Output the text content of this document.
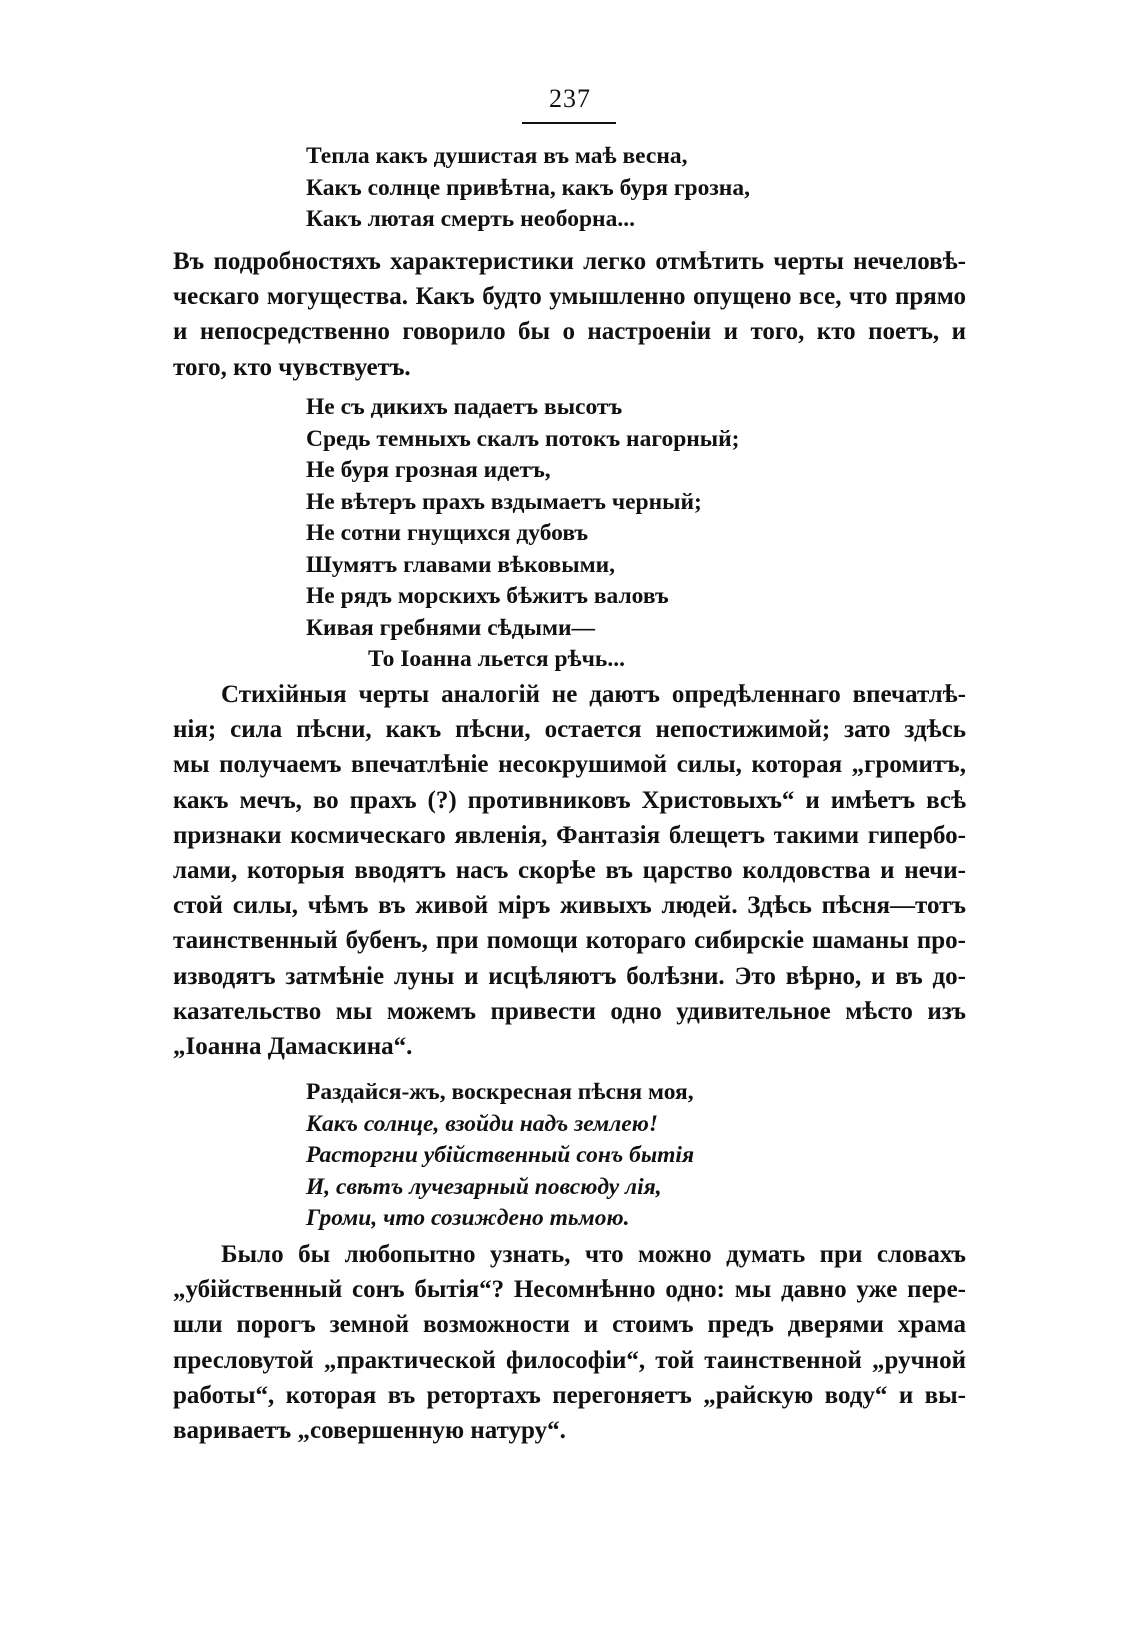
237
Тепла какъ душистая въ маѣ весна,
Какъ солнце привѣтна, какъ буря грозна,
Какъ лютая смерть необорна...
Въ подробностяхъ характеристики легко отмѣтить черты нечеловѣ-
ческаго могущества. Какъ будто умышленно опущено все, что прямо
и непосредственно говорило бы о настроеніи и того, кто поетъ, и
того, кто чувствуетъ.
Не съ дикихъ падаетъ высотъ
Средь темныхъ скалъ потокъ нагорный;
Не буря грозная идетъ,
Не вѣтеръ прахъ вздымаетъ черный;
Не сотни гнущихся дубовъ
Шумятъ главами вѣковыми,
Не рядъ морскихъ бѣжитъ валовъ
Кивая гребнями сѣдыми—
То Іоанна льется рѣчь...
Стихійныя черты аналогій не даютъ опредѣленнаго впечатлѣ-
нія; сила пѣсни, какъ пѣсни, остается непостижимой; зато здѣсь
мы получаемъ впечатлѣніе несокрушимой силы, которая „громитъ,
какъ мечъ, во прахъ (?) противниковъ Христовыхъ“ и имѣетъ всѣ
признаки космическаго явленія, Фантазія блещетъ такими гипербо-
лами, которыя вводятъ насъ скорѣе въ царство колдовства и нечи-
стой силы, чѣмъ въ живой міръ живыхъ людей. Здѣсь пѣсня—тотъ
таинственный бубенъ, при помощи котораго сибирскіе шаманы про-
изводятъ затмѣніе луны и исцѣляютъ болѣзни. Это вѣрно, и въ до-
казательство мы можемъ привести одно удивительное мѣсто изъ
„Іоанна Дамаскина“.
Раздайся-жъ, воскресная пѣсня моя,
Какъ солнце, взойди надъ землею!
Расторгни убійственный сонъ бытія
И, свѣтъ лучезарный повсюду лія,
Громи, что созиждено тьмою.
Было бы любопытно узнать, что можно думать при словахъ
„убійственный сонъ бытія“? Несомнѣнно одно: мы давно уже пере-
шли порогъ земной возможности и стоимъ предъ дверями храма
пресловутой „практической философіи“, той таинственной „ручной
работы“, которая въ ретортахъ перегоняетъ „райскую воду“ и вы-
вариваетъ „совершенную натуру“.
